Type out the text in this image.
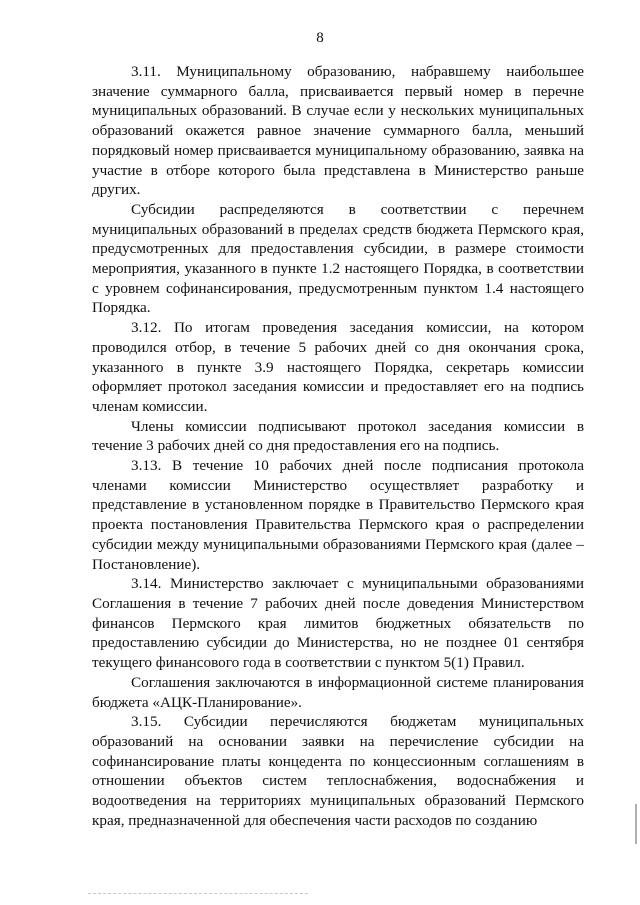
8

3.11. Муниципальному образованию, набравшему наибольшее значение суммарного балла, присваивается первый номер в перечне муниципальных образований. В случае если у нескольких муниципальных образований окажется равное значение суммарного балла, меньший порядковый номер присваивается муниципальному образованию, заявка на участие в отборе которого была представлена в Министерство раньше других.

Субсидии распределяются в соответствии с перечнем муниципальных образований в пределах средств бюджета Пермского края, предусмотренных для предоставления субсидии, в размере стоимости мероприятия, указанного в пункте 1.2 настоящего Порядка, в соответствии с уровнем софинансирования, предусмотренным пунктом 1.4 настоящего Порядка.

3.12. По итогам проведения заседания комиссии, на котором проводился отбор, в течение 5 рабочих дней со дня окончания срока, указанного в пункте 3.9 настоящего Порядка, секретарь комиссии оформляет протокол заседания комиссии и предоставляет его на подпись членам комиссии.

Члены комиссии подписывают протокол заседания комиссии в течение 3 рабочих дней со дня предоставления его на подпись.

3.13. В течение 10 рабочих дней после подписания протокола членами комиссии Министерство осуществляет разработку и представление в установленном порядке в Правительство Пермского края проекта постановления Правительства Пермского края о распределении субсидии между муниципальными образованиями Пермского края (далее – Постановление).

3.14. Министерство заключает с муниципальными образованиями Соглашения в течение 7 рабочих дней после доведения Министерством финансов Пермского края лимитов бюджетных обязательств по предоставлению субсидии до Министерства, но не позднее 01 сентября текущего финансового года в соответствии с пунктом 5(1) Правил.

Соглашения заключаются в информационной системе планирования бюджета «АЦК-Планирование».

3.15. Субсидии перечисляются бюджетам муниципальных образований на основании заявки на перечисление субсидии на софинансирование платы концедента по концессионным соглашениям в отношении объектов систем теплоснабжения, водоснабжения и водоотведения на территориях муниципальных образований Пермского края, предназначенной для обеспечения части расходов по созданию
